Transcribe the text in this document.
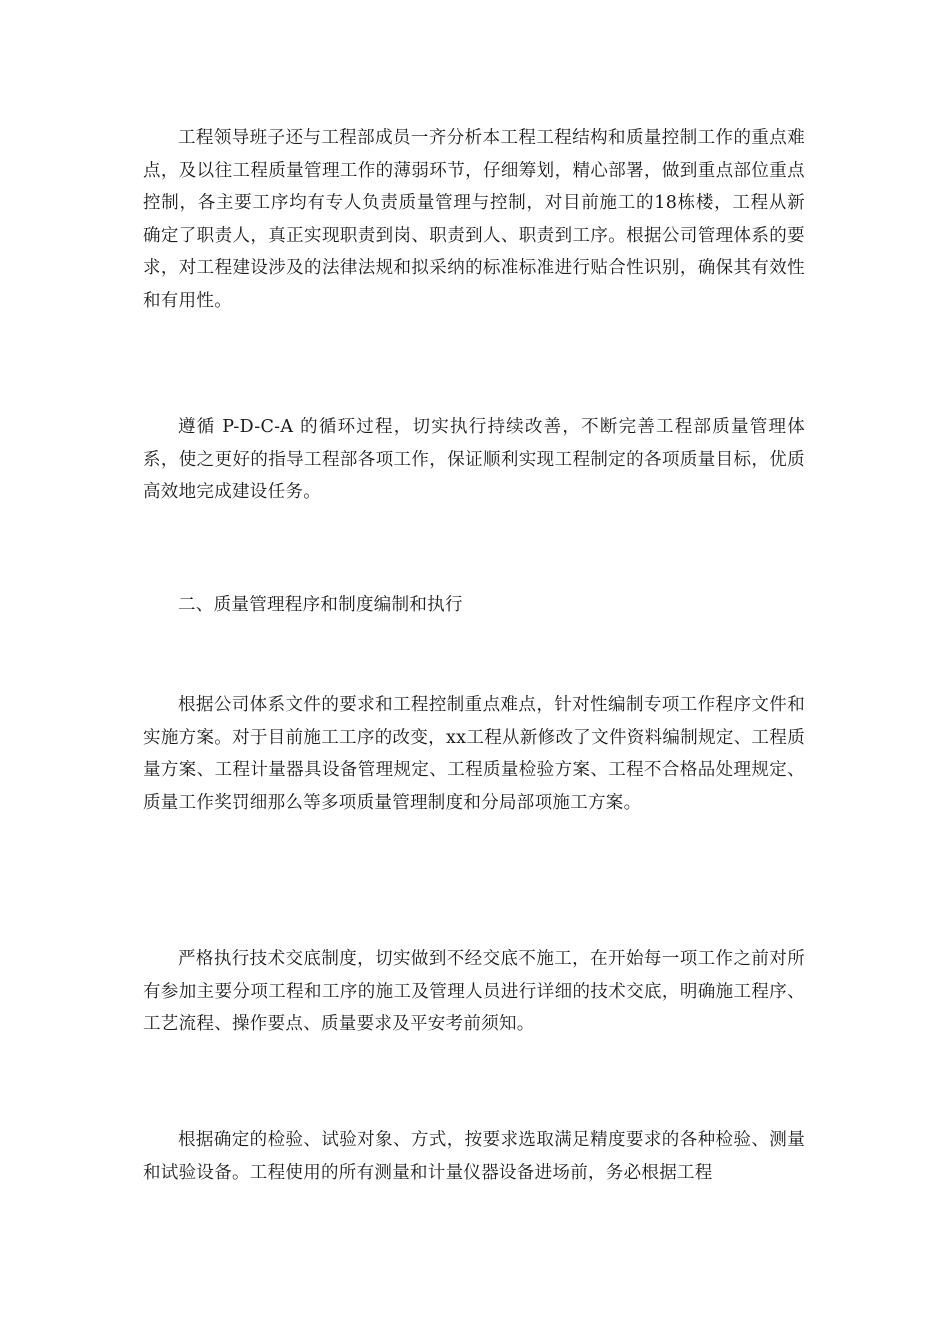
工程领导班子还与工程部成员一齐分析本工程工程结构和质量控制工作的重点难点，及以往工程质量管理工作的薄弱环节，仔细筹划，精心部署，做到重点部位重点控制，各主要工序均有专人负责质量管理与控制，对目前施工的18栋楼，工程从新确定了职责人，真正实现职责到岗、职责到人、职责到工序。根据公司管理体系的要求，对工程建设涉及的法律法规和拟采纳的标准标准进行贴合性识别，确保其有效性和有用性。

遵循 P-D-C-A 的循环过程，切实执行持续改善，不断完善工程部质量管理体系，使之更好的指导工程部各项工作，保证顺利实现工程制定的各项质量目标，优质高效地完成建设任务。

二、质量管理程序和制度编制和执行

根据公司体系文件的要求和工程控制重点难点，针对性编制专项工作程序文件和实施方案。对于目前施工工序的改变，xx工程从新修改了文件资料编制规定、工程质量方案、工程计量器具设备管理规定、工程质量检验方案、工程不合格品处理规定、质量工作奖罚细那么等多项质量管理制度和分局部项施工方案。

严格执行技术交底制度，切实做到不经交底不施工，在开始每一项工作之前对所有参加主要分项工程和工序的施工及管理人员进行详细的技术交底，明确施工程序、工艺流程、操作要点、质量要求及平安考前须知。

根据确定的检验、试验对象、方式，按要求选取满足精度要求的各种检验、测量和试验设备。工程使用的所有测量和计量仪器设备进场前，务必根据工程
